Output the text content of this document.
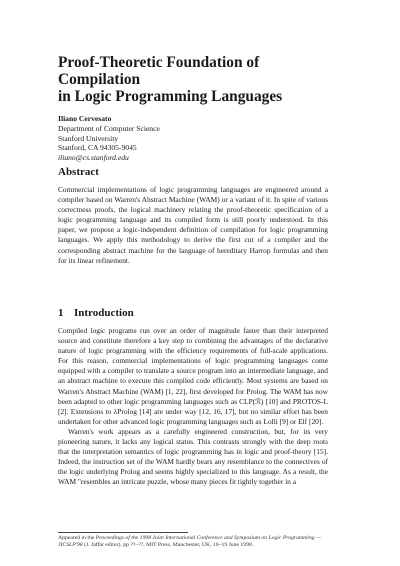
Proof-Theoretic Foundation of
Compilation
in Logic Programming Languages
Iliano Cervesato
Department of Computer Science
Stanford University
Stanford, CA 94305-9045
iliano@cs.stanford.edu
Abstract

Commercial implementations of logic programming languages are engineered around a compiler based on Warren's Abstract Machine (WAM) or a variant of it. In spite of various correctness proofs, the logical machinery relating the proof-theoretic specification of a logic programming language and its compiled form is still poorly understood. In this paper, we propose a logic-independent definition of compilation for logic programming languages. We apply this methodology to derive the first cut of a compiler and the corresponding abstract machine for the language of hereditary Harrop formulas and then for its linear refinement.

1 Introduction

Compiled logic programs run over an order of magnitude faster than their interpreted source and constitute therefore a key step to combining the advantages of the declarative nature of logic programming with the efficiency requirements of full-scale applications. For this reason, commercial implementations of logic programming languages come equipped with a compiler to translate a source program into an intermediate language, and an abstract machine to execute this compiled code efficiently. Most systems are based on Warren's Abstract Machine (WAM) [1, 22], first developed for Prolog. The WAM has now been adapted to other logic programming languages such as CLP(ℛ) [10] and PROTOS-L [2]. Extensions to λProlog [14] are under way [12, 16, 17], but no similar effort has been undertaken for other advanced logic programming languages such as Lolli [9] or Elf [20].

Warren's work appears as a carefully engineered construction, but, for its very pioneering nature, it lacks any logical status. This contrasts strongly with the deep roots that the interpretation semantics of logic programming has in logic and proof-theory [15]. Indeed, the instruction set of the WAM hardly bears any resemblance to the connectives of the logic underlying Prolog and seems highly specialized to this language. As a result, the WAM "resembles an intricate puzzle, whose many pieces fit tightly together in a

Appeared in the Proceedings of the 1998 Joint International Conference and Symposium on Logic Programming — JICSLP'98 (J. Jaffar editor), pp ??–??, MIT Press, Manchester, UK, 16–19 June 1998.
